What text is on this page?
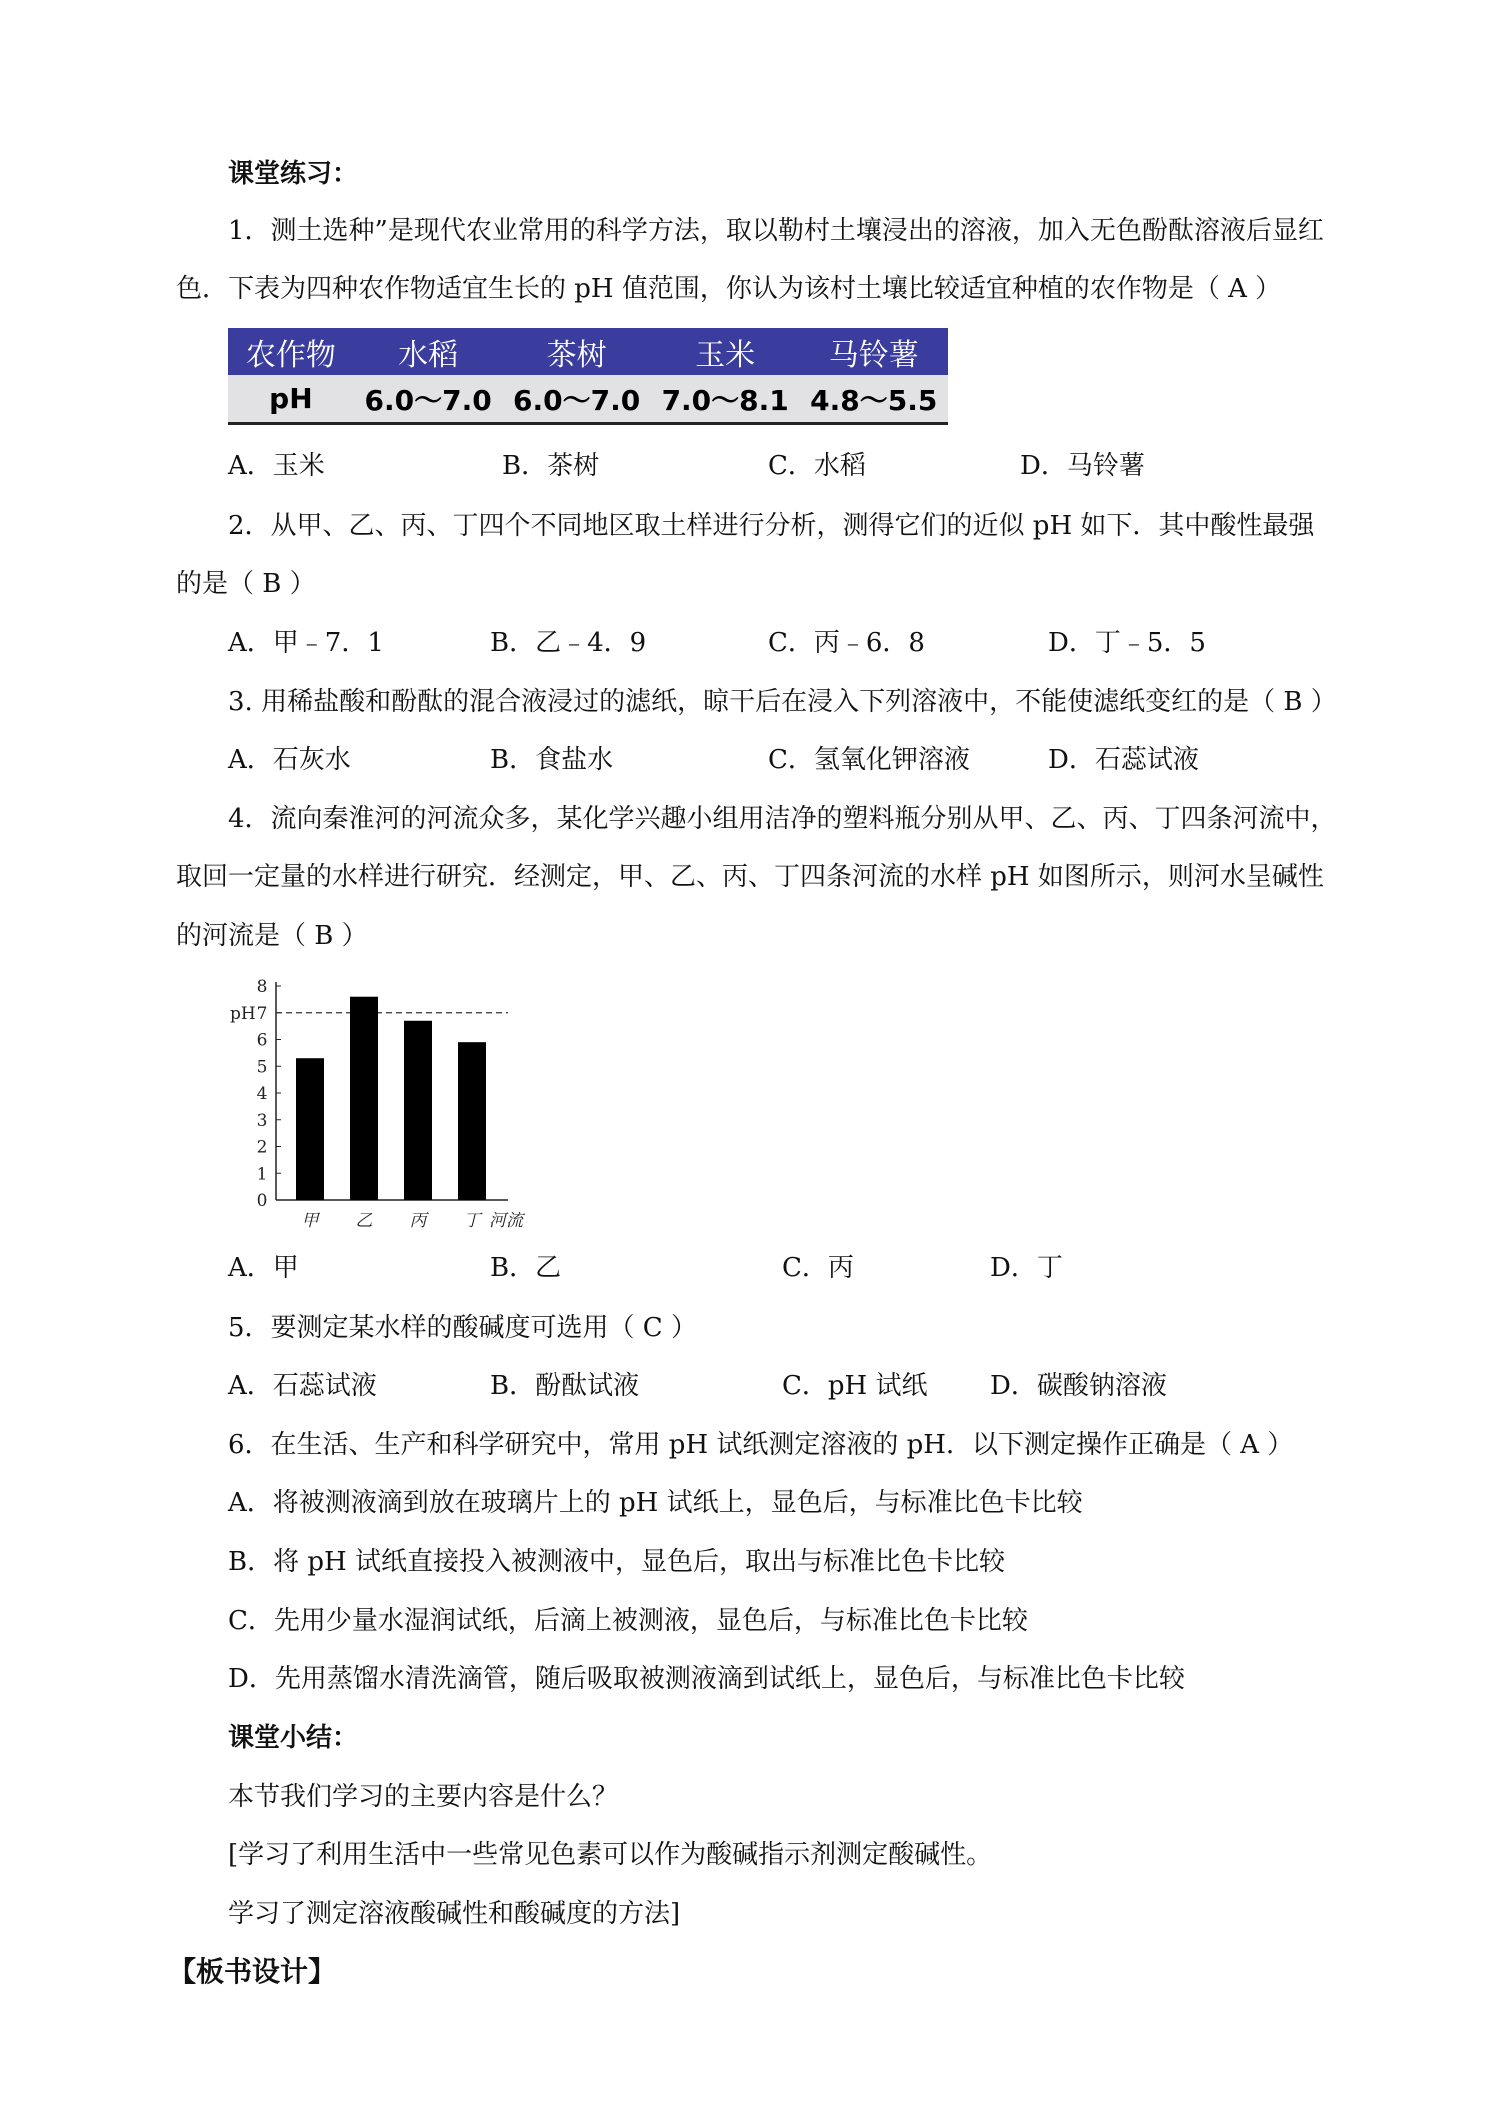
课堂练习：
1．测土选种”是现代农业常用的科学方法，取以勒村土壤浸出的溶液，加入无色酚酞溶液后显红
色．下表为四种农作物适宜生长的 pH 值范围，你认为该村土壤比较适宜种植的农作物是（ A ）
农作物	水稻	茶树	玉米	马铃薯
pH	6.0～7.0	6.0～7.0	7.0～8.1	4.8～5.5
A．玉米	B．茶树	C．水稻	D．马铃薯
2．从甲、乙、丙、丁四个不同地区取土样进行分析，测得它们的近似 pH 如下．其中酸性最强
的是（ B ）
A．甲﹣7．1	B．乙﹣4．9	C．丙﹣6．8	D．丁﹣5．5
3. 用稀盐酸和酚酞的混合液浸过的滤纸，晾干后在浸入下列溶液中，不能使滤纸变红的是（ B ）
A．石灰水	B．食盐水	C．氢氧化钾溶液	D．石蕊试液
4．流向秦淮河的河流众多，某化学兴趣小组用洁净的塑料瓶分别从甲、乙、丙、丁四条河流中，
取回一定量的水样进行研究．经测定，甲、乙、丙、丁四条河流的水样 pH 如图所示，则河水呈碱性
的河流是（ B ）
0
1
2
3
4
5
6
7
8
pH
甲 乙 丙 丁 河流
A．甲	B．乙	C．丙	D．丁
5．要测定某水样的酸碱度可选用（ C ）
A．石蕊试液	B．酚酞试液	C．pH 试纸 D．碳酸钠溶液
6．在生活、生产和科学研究中，常用 pH 试纸测定溶液的 pH．以下测定操作正确是（ A ）
A．将被测液滴到放在玻璃片上的 pH 试纸上，显色后，与标准比色卡比较
B．将 pH 试纸直接投入被测液中，显色后，取出与标准比色卡比较
C．先用少量水湿润试纸，后滴上被测液，显色后，与标准比色卡比较
D．先用蒸馏水清洗滴管，随后吸取被测液滴到试纸上，显色后，与标准比色卡比较
课堂小结：
本节我们学习的主要内容是什么？
[学习了利用生活中一些常见色素可以作为酸碱指示剂测定酸碱性。
学习了测定溶液酸碱性和酸碱度的方法]
【板书设计】
